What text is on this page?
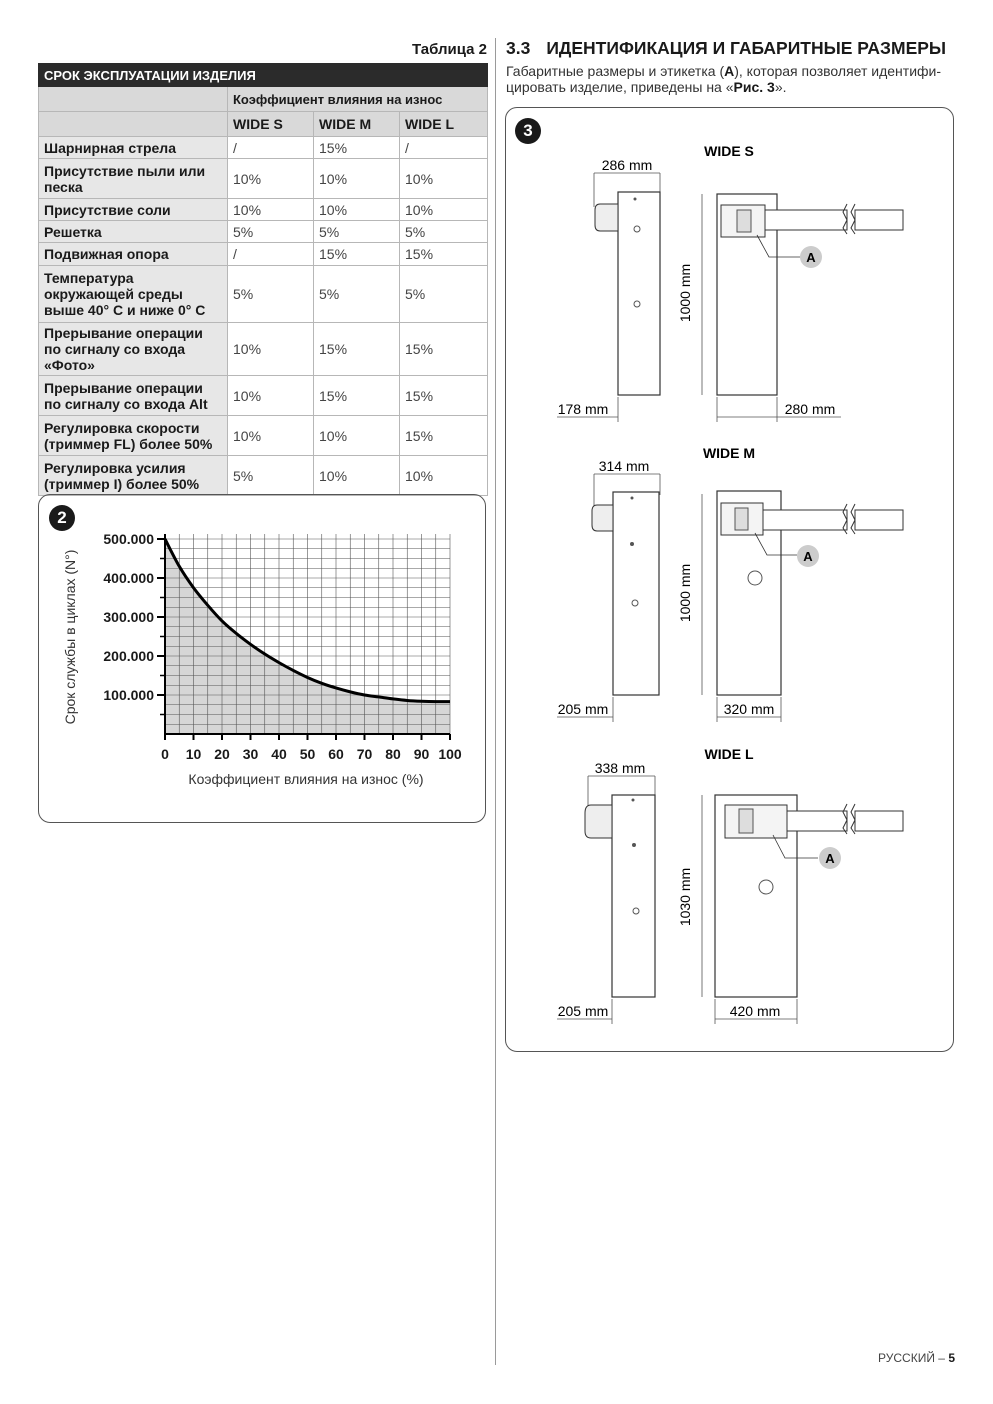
Таблица 2
СРОК ЭКСПЛУАТАЦИИ ИЗДЕЛИЯ			
	Коэффициент влияния на износ		
	WIDE S	WIDE M	WIDE L
Шарнирная стрела	/	15%	/
Присутствие пыли или песка	10%	10%	10%
Присутствие соли	10%	10%	10%
Решетка	5%	5%	5%
Подвижная опора	/	15%	15%
Температура окружающей среды выше 40° C и ниже 0° C	5%	5%	5%
Прерывание операции по сигналу со входа «Фото»	10%	15%	15%
Прерывание операции по сигналу со входа Alt	10%	15%	15%
Регулировка скорости (триммер FL) более 50%	10%	10%	15%
Регулировка усилия (триммер I) более 50%	5%	10%	10%
2
0 10 20 30 40 50 60 70 80 90 100
500.000
400.000
300.000
200.000
100.000
Коэффициент влияния на износ (%)
Срок службы в циклах (N°)
3.3 ИДЕНТИФИКАЦИЯ И ГАБАРИТНЫЕ РАЗМЕРЫ
Габаритные размеры и этикетка (A), которая позволяет идентифи-цировать изделие, приведены на «Рис. 3».
3
WIDE S
286 mm
178 mm
1000 mm
A
280 mm
WIDE M
314 mm
205 mm
1000 mm
A
320 mm
WIDE L
338 mm
205 mm
1030 mm
A
420 mm
РУССКИЙ – 5
